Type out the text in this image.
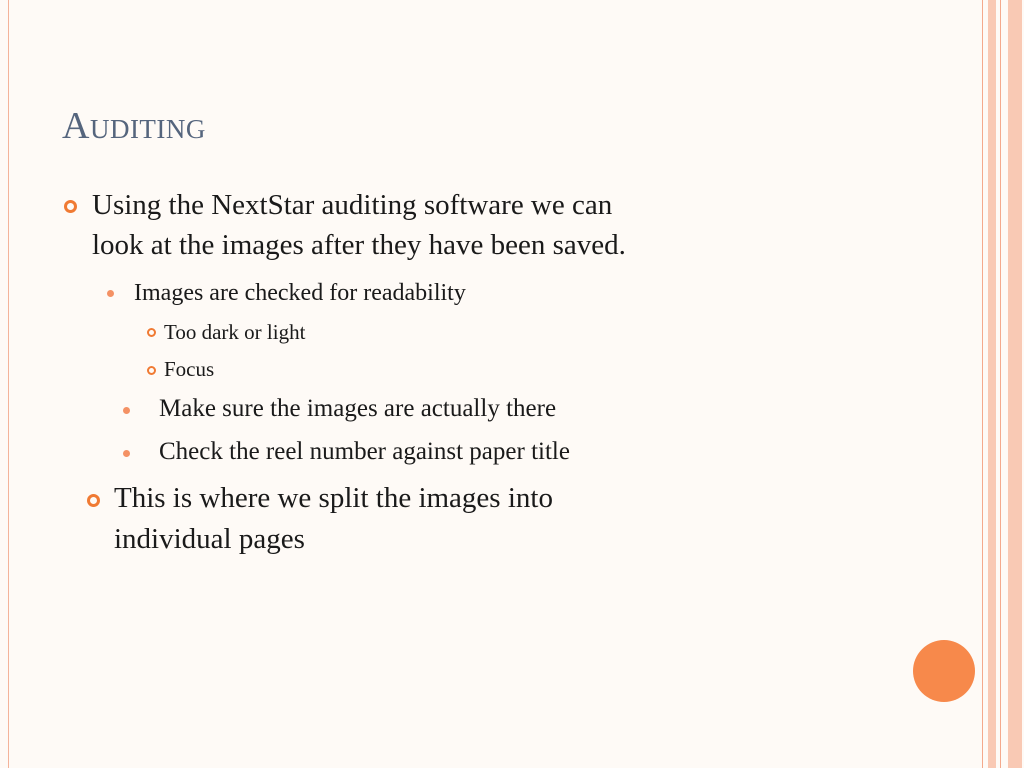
Auditing

Using the NextStar auditing software we can

look at the images after they have been saved.

Images are checked for readability

Too dark or light

Focus

Make sure the images are actually there

Check the reel number against paper title

This is where we split the images into

individual pages
